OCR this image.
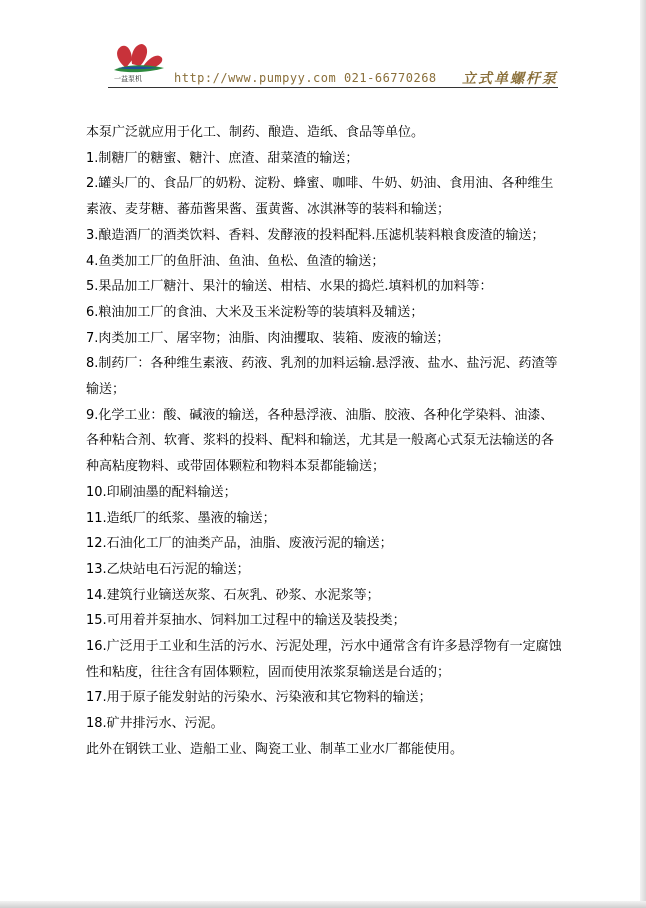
一益泵机	http://www.pumpyy.com 021-66770268 立式单螺杆泵

本泵广泛就应用于化工、制药、酿造、造纸、食品等单位。

1.制糖厂的糖蜜、糖汁、庶渣、甜菜渣的输送；

2.罐头厂的、食品厂的奶粉、淀粉、蜂蜜、咖啡、牛奶、奶油、食用油、各种维生素液、麦芽糖、蕃茄酱果酱、蛋黄酱、冰淇淋等的装料和输送；

3.酿造酒厂的酒类饮料、香料、发酵液的投料配料.压滤机装料粮食废渣的输送；

4.鱼类加工厂的鱼肝油、鱼油、鱼松、鱼渣的输送；

5.果品加工厂糖汁、果汁的输送、柑桔、水果的捣烂.填料机的加料等：

6.粮油加工厂的食油、大米及玉米淀粉等的装填料及辅送；

7.肉类加工厂、屠宰物；油脂、肉油攫取、装箱、废液的输送；

8.制药厂：各种维生素液、药液、乳剂的加料运输.悬浮液、盐水、盐污泥、药渣等输送；

9.化学工业：酸、碱液的输送，各种悬浮液、油脂、胶液、各种化学染料、油漆、各种粘合剂、软膏、浆料的投料、配料和输送，尤其是一般离心式泵无法输送的各种高粘度物料、或带固体颗粒和物料本泵都能输送；

10.印刷油墨的配料输送；

11.造纸厂的纸浆、墨液的输送；

12.石油化工厂的油类产品，油脂、废液污泥的输送；

13.乙炔站电石污泥的输送；

14.建筑行业镝送灰浆、石灰乳、砂浆、水泥浆等；

15.可用着并泵抽水、饲料加工过程中的输送及装投类；

16.广泛用于工业和生活的污水、污泥处理，污水中通常含有许多悬浮物有一定腐蚀性和粘度，往往含有固体颗粒，固而使用浓浆泵输送是台适的；

17.用于原子能发射站的污染水、污染液和其它物料的输送；

18.矿井排污水、污泥。

此外在钢铁工业、造船工业、陶瓷工业、制革工业水厂都能使用。
